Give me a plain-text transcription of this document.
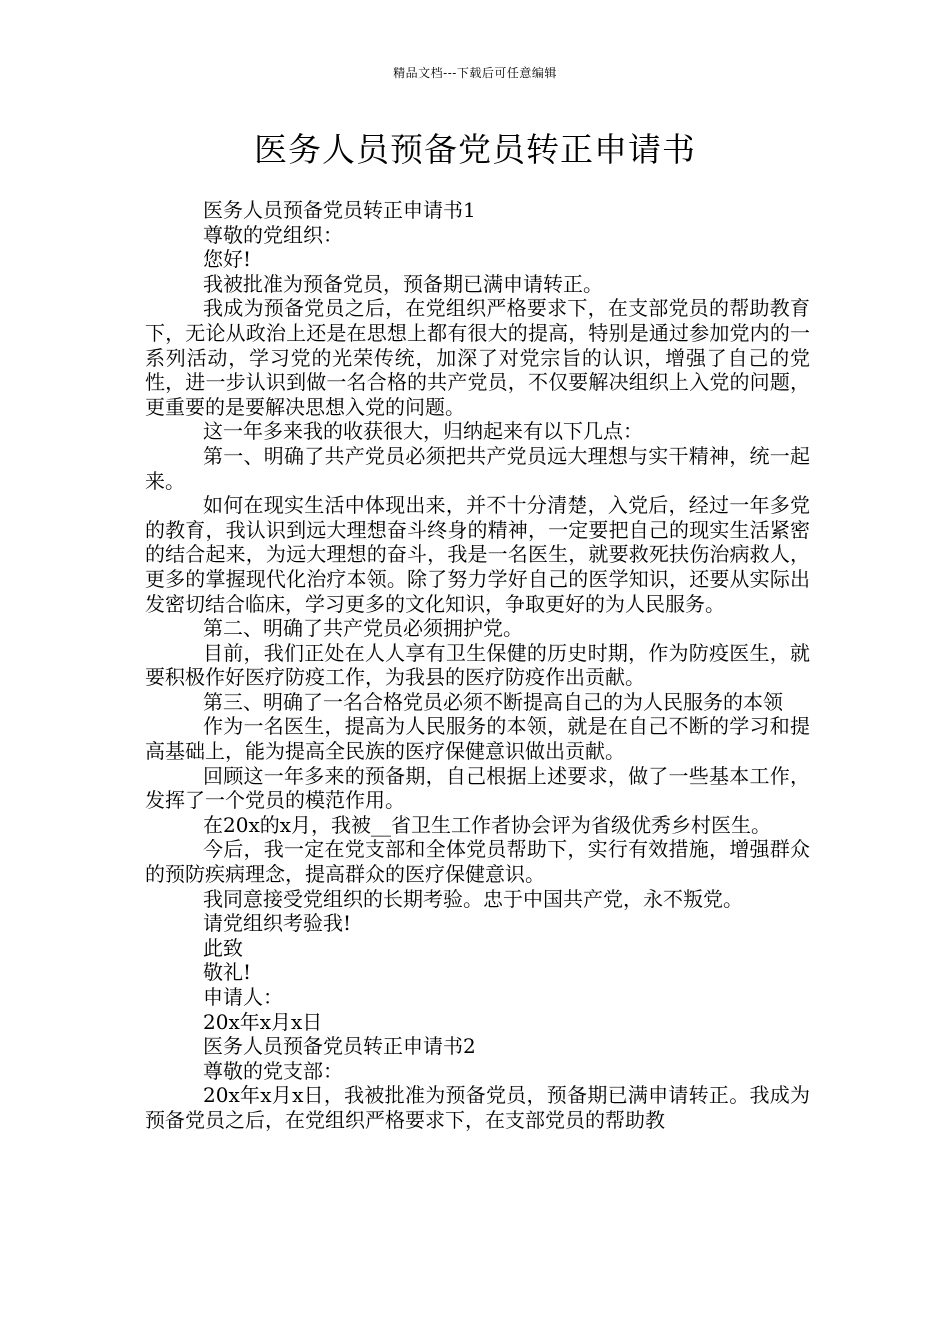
精品文档---下载后可任意编辑
医务人员预备党员转正申请书

医务人员预备党员转正申请书1

尊敬的党组织：

您好!

我被批准为预备党员，预备期已满申请转正。

我成为预备党员之后，在党组织严格要求下，在支部党员的帮助教育下，无论从政治上还是在思想上都有很大的提高，特别是通过参加党内的一系列活动，学习党的光荣传统，加深了对党宗旨的认识，增强了自己的党性，进一步认识到做一名合格的共产党员，不仅要解决组织上入党的问题，更重要的是要解决思想入党的问题。

这一年多来我的收获很大，归纳起来有以下几点：

第一、明确了共产党员必须把共产党员远大理想与实干精神，统一起来。

如何在现实生活中体现出来，并不十分清楚，入党后，经过一年多党的教育，我认识到远大理想奋斗终身的精神，一定要把自己的现实生活紧密的结合起来，为远大理想的奋斗，我是一名医生，就要救死扶伤治病救人，更多的掌握现代化治疗本领。除了努力学好自己的医学知识，还要从实际出发密切结合临床，学习更多的文化知识，争取更好的为人民服务。

第二、明确了共产党员必须拥护党。

目前，我们正处在人人享有卫生保健的历史时期，作为防疫医生，就要积极作好医疗防疫工作，为我县的医疗防疫作出贡献。

第三、明确了一名合格党员必须不断提高自己的为人民服务的本领

作为一名医生，提高为人民服务的本领，就是在自己不断的学习和提高基础上，能为提高全民族的医疗保健意识做出贡献。

回顾这一年多来的预备期，自己根据上述要求，做了一些基本工作，发挥了一个党员的模范作用。

在20x的x月，我被__省卫生工作者协会评为省级优秀乡村医生。

今后，我一定在党支部和全体党员帮助下，实行有效措施，增强群众的预防疾病理念，提高群众的医疗保健意识。

我同意接受党组织的长期考验。忠于中国共产党，永不叛党。

请党组织考验我!

此致

敬礼!

申请人：

20x年x月x日

医务人员预备党员转正申请书2

尊敬的党支部：

20x年x月x日，我被批准为预备党员，预备期已满申请转正。我成为预备党员之后，在党组织严格要求下，在支部党员的帮助教
